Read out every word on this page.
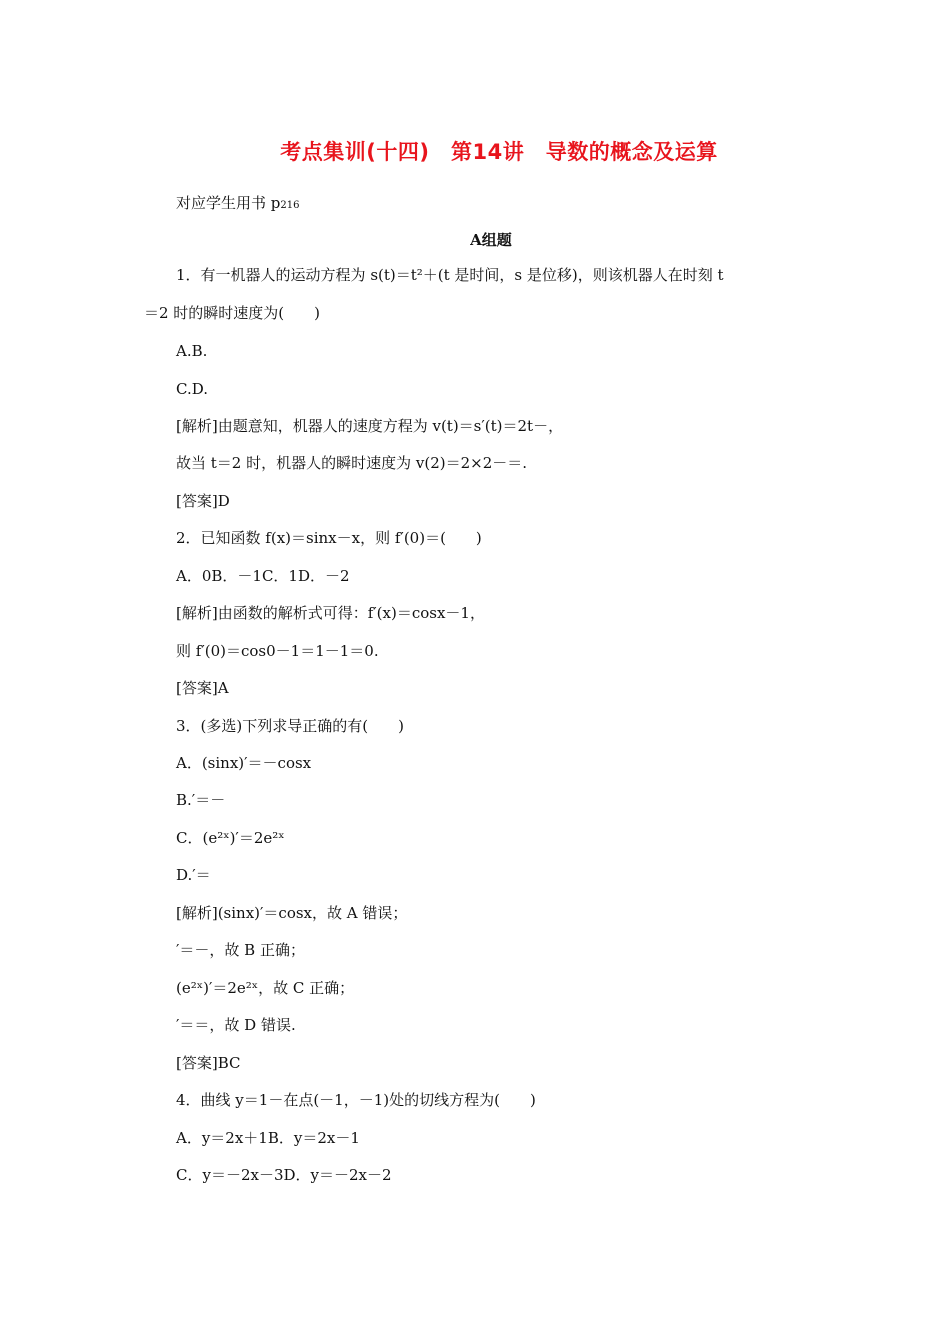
考点集训(十四)　第14讲　导数的概念及运算
对应学生用书 p216
A组题
1．有一机器人的运动方程为 s(t)＝t²＋(t 是时间，s 是位移)，则该机器人在时刻 t
＝2 时的瞬时速度为(　　)
A.B.
C.D.
[解析]由题意知，机器人的速度方程为 v(t)＝s′(t)＝2t－，
故当 t＝2 时，机器人的瞬时速度为 v(2)＝2×2－＝.
[答案]D
2．已知函数 f(x)＝sinx－x，则 f′(0)＝(　　)
A．0B．－1C．1D．－2
[解析]由函数的解析式可得：f′(x)＝cosx－1，
则 f′(0)＝cos0－1＝1－1＝0.
[答案]A
3．(多选)下列求导正确的有(　　)
A．(sinx)′＝－cosx
B.′＝－
C．(e²ˣ)′＝2e²ˣ
D.′＝
[解析](sinx)′＝cosx，故 A 错误；
′＝－，故 B 正确；
(e²ˣ)′＝2e²ˣ，故 C 正确；
′＝＝，故 D 错误.
[答案]BC
4．曲线 y＝1－在点(－1，－1)处的切线方程为(　　)
A．y＝2x＋1B．y＝2x－1
C．y＝－2x－3D．y＝－2x－2
